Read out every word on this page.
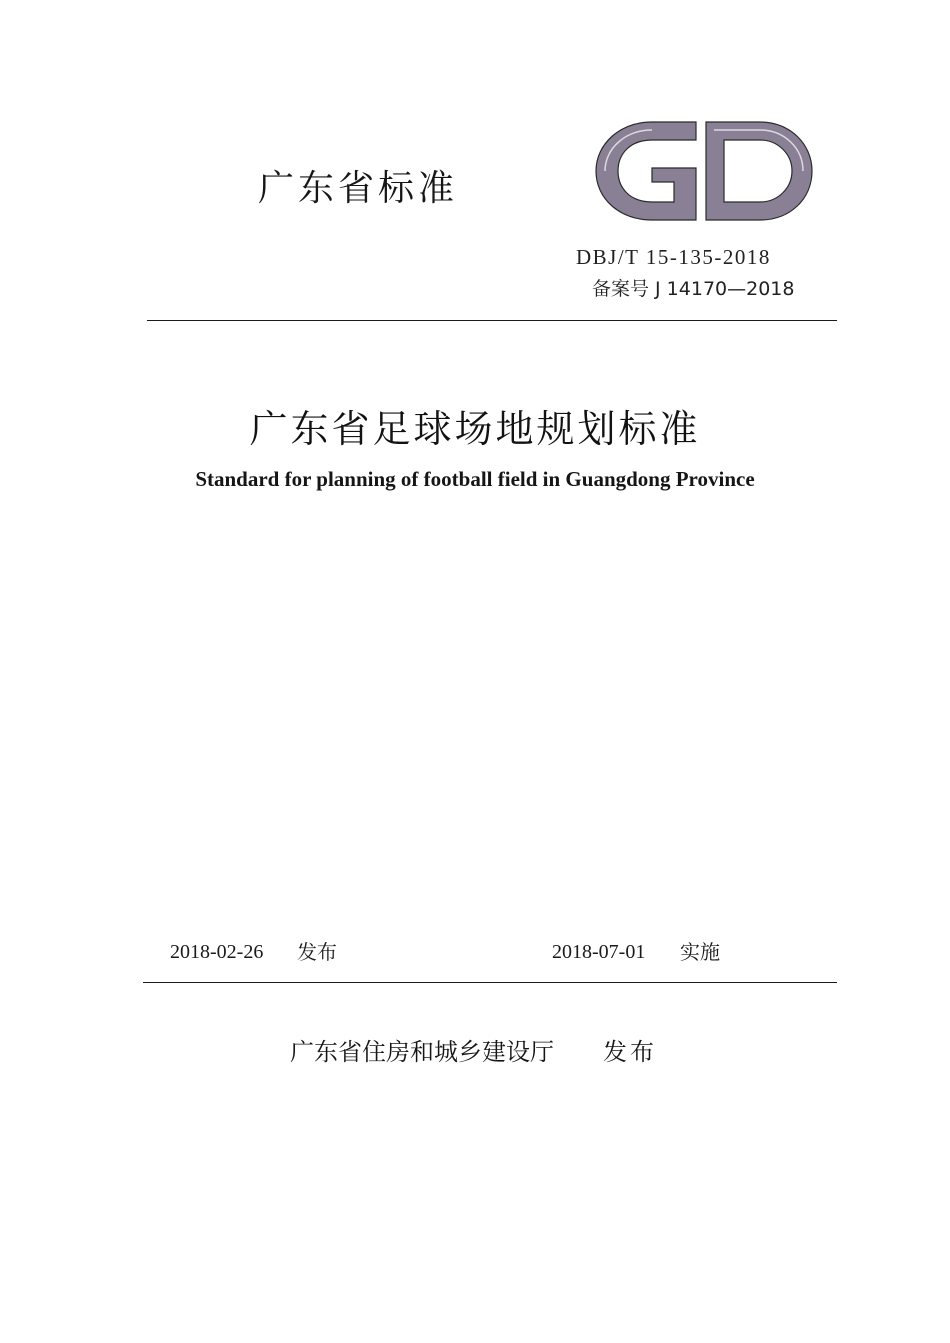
广东省标准
DBJ/T 15-135-2018
备案号 J 14170—2018
广东省足球场地规划标准
Standard for planning of football field in Guangdong Province
2018-02-26 发布	2018-07-01 实施
广东省住房和城乡建设厅 发布
